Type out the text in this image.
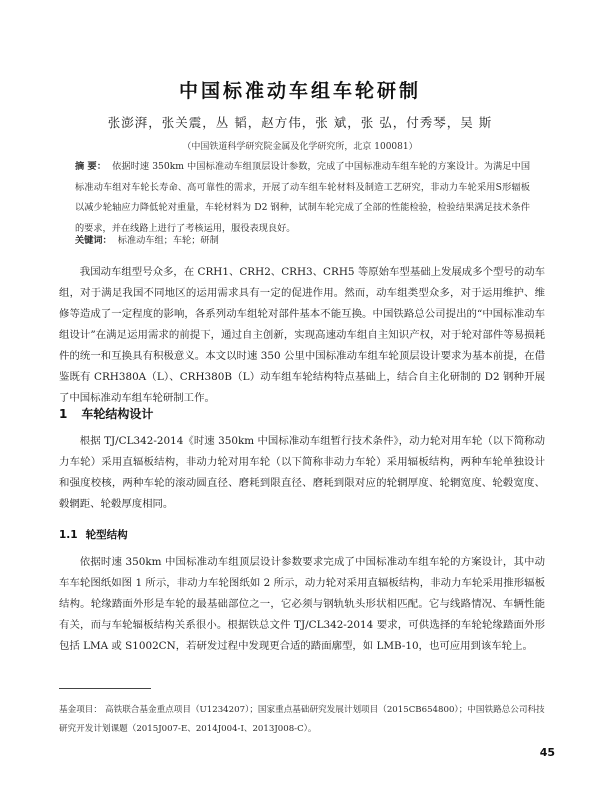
中国标准动车组车轮研制
张澎湃，张关震，丛 韬，赵方伟，张 斌，张 弘，付秀琴，吴 斯
（中国铁道科学研究院金属及化学研究所，北京 100081）
摘 要： 依据时速 350km 中国标准动车组顶层设计参数，完成了中国标准动车组车轮的方案设计。为满足中国标准动车组对车轮长寿命、高可靠性的需求，开展了动车组车轮材料及制造工艺研究，非动力车轮采用S形辐板以减少轮轴应力降低轮对重量，车轮材料为 D2 钢种，试制车轮完成了全部的性能检验，检验结果满足技术条件的要求，并在线路上进行了考核运用，服役表现良好。
关键词： 标准动车组；车轮；研制

我国动车组型号众多，在 CRH1、CRH2、CRH3、CRH5 等原始车型基础上发展成多个型号的动车组，对于满足我国不同地区的运用需求具有一定的促进作用。然而，动车组类型众多，对于运用维护、维修等造成了一定程度的影响，各系列动车组轮对部件基本不能互换。中国铁路总公司提出的“中国标准动车组设计”在满足运用需求的前提下，通过自主创新，实现高速动车组自主知识产权，对于轮对部件等易损耗件的统一和互换具有积极意义。本文以时速 350 公里中国标准动车组车轮顶层设计要求为基本前提，在借鉴既有 CRH380A（L）、CRH380B（L）动车组车轮结构特点基础上，结合自主化研制的 D2 钢种开展了中国标准动车组车轮研制工作。

1 车轮结构设计

根据 TJ/CL342-2014《时速 350km 中国标准动车组暂行技术条件》，动力轮对用车轮（以下简称动力车轮）采用直辐板结构，非动力轮对用车轮（以下简称非动力车轮）采用辐板结构，两种车轮单独设计和强度校核，两种车轮的滚动圆直径、磨耗到限直径、磨耗到限对应的轮辋厚度、轮辋宽度、轮毂宽度、毂辋距、轮毂厚度相同。

1.1 轮型结构

依据时速 350km 中国标准动车组顶层设计参数要求完成了中国标准动车组车轮的方案设计，其中动车车轮图纸如图 1 所示，非动力车轮图纸如 2 所示，动力轮对采用直辐板结构，非动力车轮采用推形辐板结构。轮缘踏面外形是车轮的最基础部位之一，它必须与钢轨轨头形状相匹配。它与线路情况、车辆性能有关，而与车轮辐板结构关系很小。根据铁总文件 TJ/CL342-2014 要求，可供选择的车轮轮缘踏面外形包括 LMA 或 S1002CN，若研发过程中发现更合适的踏面廓型，如 LMB-10，也可应用到该车轮上。

基金项目： 高铁联合基金重点项目（U1234207）；国家重点基础研究发展计划项目（2015CB654800）；中国铁路总公司科技研究开发计划课题（2015J007-E、2014J004-I、2013J008-C）。
45
